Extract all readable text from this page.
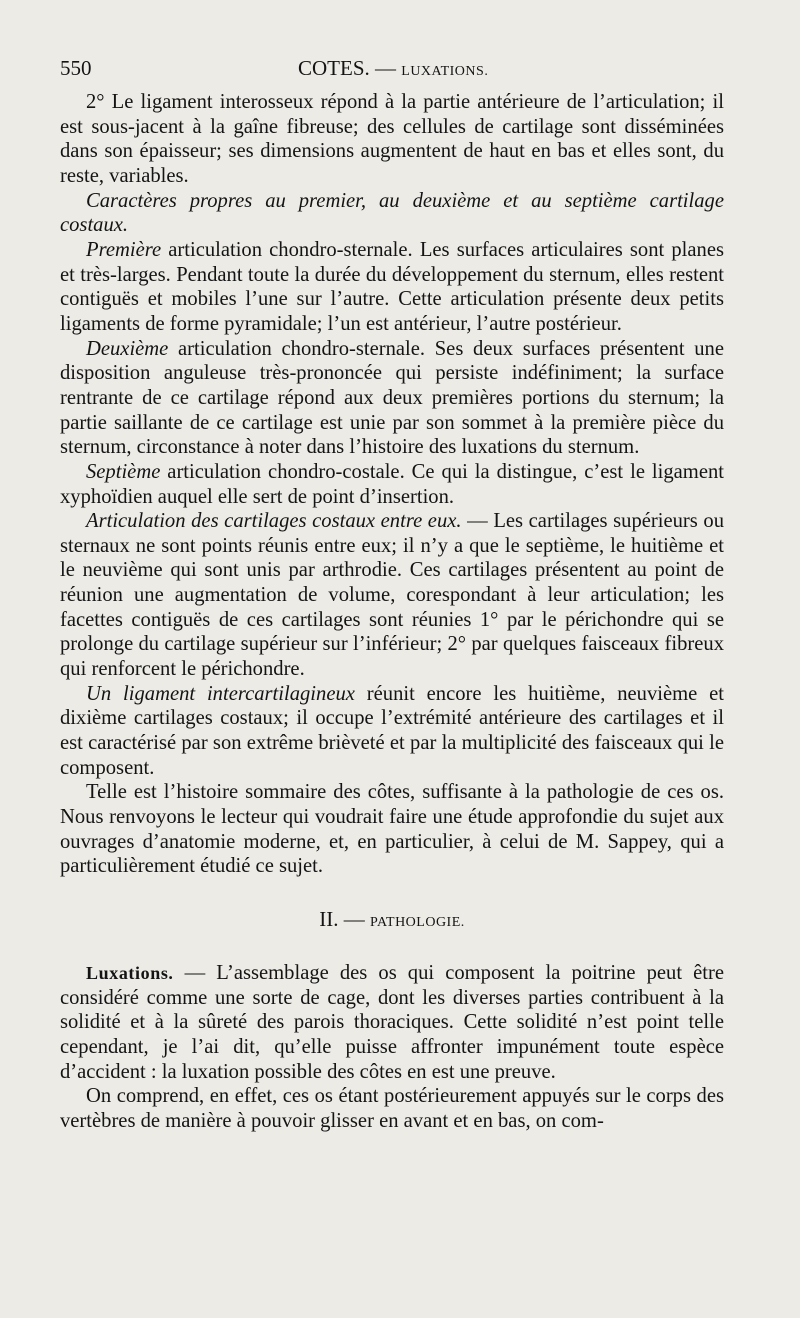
550	COTES. — LUXATIONS.

2° Le ligament interosseux répond à la partie antérieure de l’articulation; il est sous-jacent à la gaîne fibreuse; des cellules de cartilage sont disséminées dans son épaisseur; ses dimensions augmentent de haut en bas et elles sont, du reste, variables.

Caractères propres au premier, au deuxième et au septième cartilage costaux.

Première articulation chondro-sternale. Les surfaces articulaires sont planes et très-larges. Pendant toute la durée du développement du sternum, elles restent contiguës et mobiles l’une sur l’autre. Cette articulation présente deux petits ligaments de forme pyramidale; l’un est antérieur, l’autre postérieur.

Deuxième articulation chondro-sternale. Ses deux surfaces présentent une disposition anguleuse très-prononcée qui persiste indéfiniment; la surface rentrante de ce cartilage répond aux deux premières portions du sternum; la partie saillante de ce cartilage est unie par son sommet à la première pièce du sternum, circonstance à noter dans l’histoire des luxations du sternum.

Septième articulation chondro-costale. Ce qui la distingue, c’est le ligament xyphoïdien auquel elle sert de point d’insertion.

Articulation des cartilages costaux entre eux. — Les cartilages supérieurs ou sternaux ne sont points réunis entre eux; il n’y a que le septième, le huitième et le neuvième qui sont unis par arthrodie. Ces cartilages présentent au point de réunion une augmentation de volume, corespondant à leur articulation; les facettes contiguës de ces cartilages sont réunies 1° par le périchondre qui se prolonge du cartilage supérieur sur l’inférieur; 2° par quelques faisceaux fibreux qui renforcent le périchondre.

Un ligament intercartilagineux réunit encore les huitième, neuvième et dixième cartilages costaux; il occupe l’extrémité antérieure des cartilages et il est caractérisé par son extrême brièveté et par la multiplicité des faisceaux qui le composent.

Telle est l’histoire sommaire des côtes, suffisante à la pathologie de ces os. Nous renvoyons le lecteur qui voudrait faire une étude approfondie du sujet aux ouvrages d’anatomie moderne, et, en particulier, à celui de M. Sappey, qui a particulièrement étudié ce sujet.

II. — PATHOLOGIE.

Luxations. — L’assemblage des os qui composent la poitrine peut être considéré comme une sorte de cage, dont les diverses parties contribuent à la solidité et à la sûreté des parois thoraciques. Cette solidité n’est point telle cependant, je l’ai dit, qu’elle puisse affronter impunément toute espèce d’accident : la luxation possible des côtes en est une preuve.

On comprend, en effet, ces os étant postérieurement appuyés sur le corps des vertèbres de manière à pouvoir glisser en avant et en bas, on com-
